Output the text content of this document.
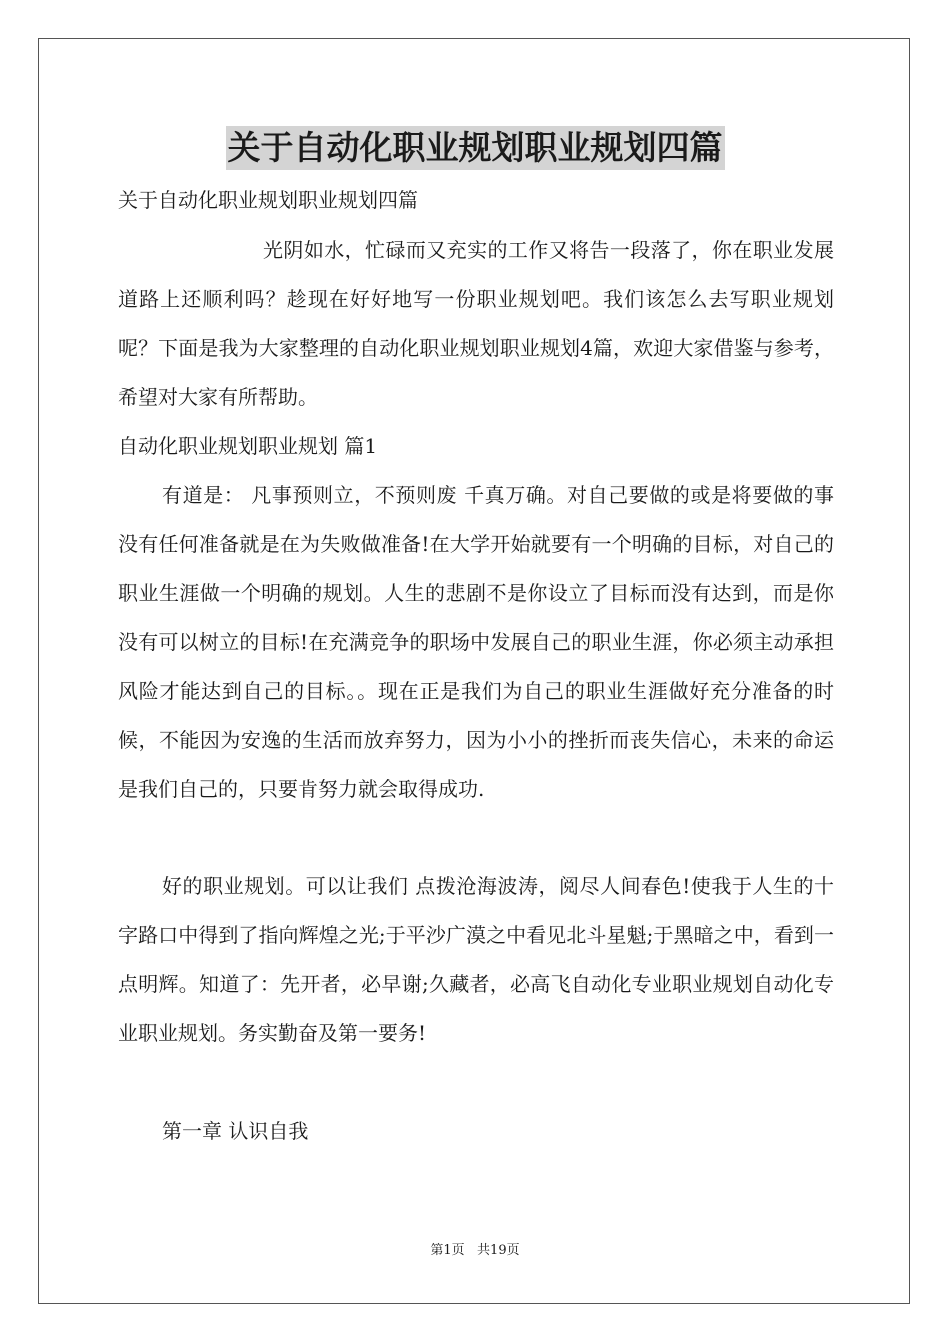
关于自动化职业规划职业规划四篇

关于自动化职业规划职业规划四篇

光阴如水，忙碌而又充实的工作又将告一段落了，你在职业发展道路上还顺利吗？趁现在好好地写一份职业规划吧。我们该怎么去写职业规划呢？下面是我为大家整理的自动化职业规划职业规划4篇，欢迎大家借鉴与参考，希望对大家有所帮助。

自动化职业规划职业规划 篇1

有道是： 凡事预则立，不预则废 千真万确。对自己要做的或是将要做的事没有任何准备就是在为失败做准备!在大学开始就要有一个明确的目标，对自己的职业生涯做一个明确的规划。人生的悲剧不是你设立了目标而没有达到，而是你没有可以树立的目标!在充满竞争的职场中发展自己的职业生涯，你必须主动承担风险才能达到自己的目标。。现在正是我们为自己的职业生涯做好充分准备的时候，不能因为安逸的生活而放弃努力，因为小小的挫折而丧失信心，未来的命运是我们自己的，只要肯努力就会取得成功.

好的职业规划。可以让我们 点拨沧海波涛，阅尽人间春色!使我于人生的十字路口中得到了指向辉煌之光;于平沙广漠之中看见北斗星魁;于黑暗之中，看到一点明辉。知道了：先开者，必早谢;久藏者，必高飞自动化专业职业规划自动化专业职业规划。务实勤奋及第一要务!

第一章 认识自我

第1页   共19页
